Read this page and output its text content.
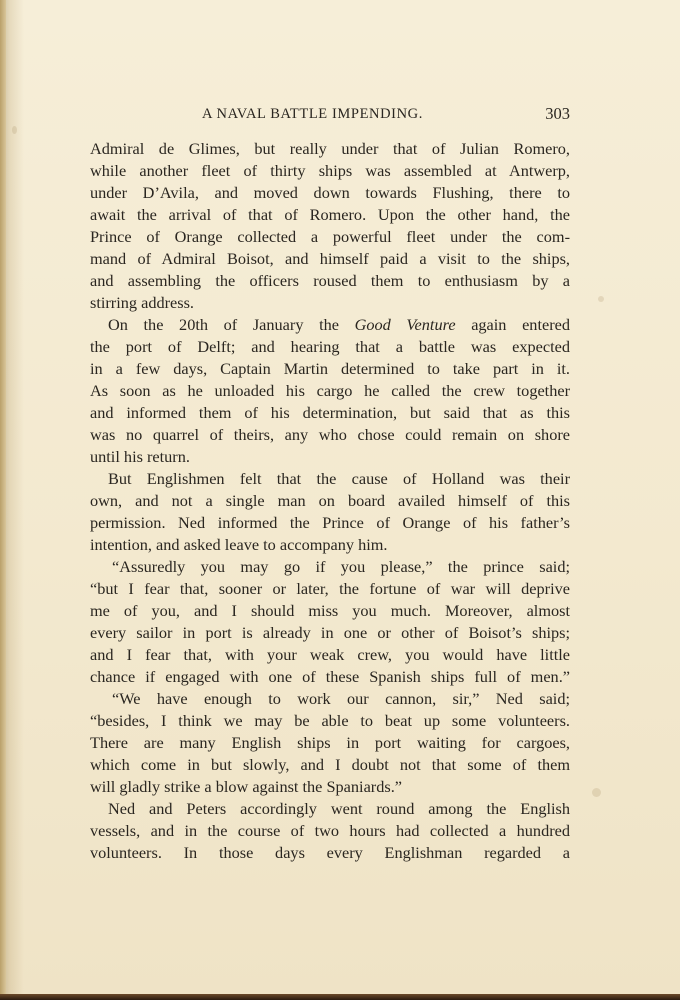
A NAVAL BATTLE IMPENDING.	303
Admiral de Glimes, but really under that of Julian Romero,
while another fleet of thirty ships was assembled at Antwerp,
under D’Avila, and moved down towards Flushing, there to
await the arrival of that of Romero. Upon the other hand, the
Prince of Orange collected a powerful fleet under the com-
mand of Admiral Boisot, and himself paid a visit to the ships,
and assembling the officers roused them to enthusiasm by a
stirring address.
On the 20th of January the Good Venture again entered
the port of Delft; and hearing that a battle was expected
in a few days, Captain Martin determined to take part in it.
As soon as he unloaded his cargo he called the crew together
and informed them of his determination, but said that as this
was no quarrel of theirs, any who chose could remain on shore
until his return.
But Englishmen felt that the cause of Holland was their
own, and not a single man on board availed himself of this
permission. Ned informed the Prince of Orange of his father’s
intention, and asked leave to accompany him.
“Assuredly you may go if you please,” the prince said;
“but I fear that, sooner or later, the fortune of war will deprive
me of you, and I should miss you much. Moreover, almost
every sailor in port is already in one or other of Boisot’s ships;
and I fear that, with your weak crew, you would have little
chance if engaged with one of these Spanish ships full of men.”
“We have enough to work our cannon, sir,” Ned said;
“besides, I think we may be able to beat up some volunteers.
There are many English ships in port waiting for cargoes,
which come in but slowly, and I doubt not that some of them
will gladly strike a blow against the Spaniards.”
Ned and Peters accordingly went round among the English
vessels, and in the course of two hours had collected a hundred
volunteers. In those days every Englishman regarded a
